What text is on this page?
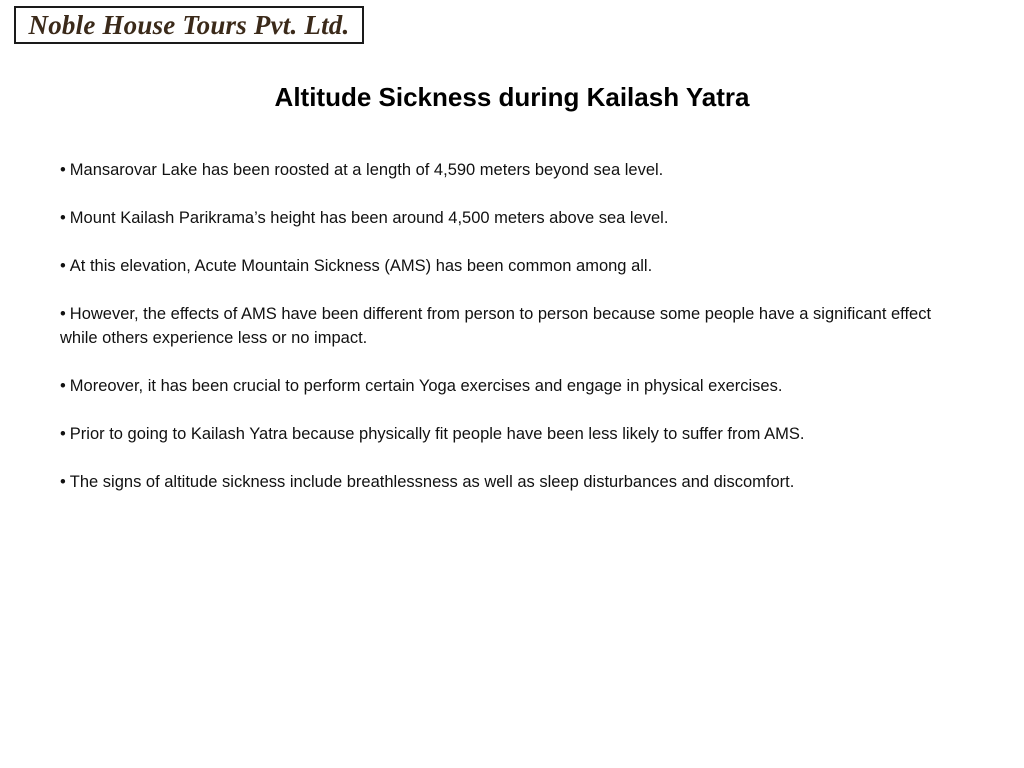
Noble House Tours Pvt. Ltd.
Altitude Sickness during Kailash Yatra
• Mansarovar Lake has been roosted at a length of 4,590 meters beyond sea level.
• Mount Kailash Parikrama’s height has been around 4,500 meters above sea level.
• At this elevation, Acute Mountain Sickness (AMS) has been common among all.
• However, the effects of AMS have been different from person to person because some people have a significant effect while others experience less or no impact.
• Moreover, it has been crucial to perform certain Yoga exercises and engage in physical exercises.
• Prior to going to Kailash Yatra because physically fit people have been less likely to suffer from AMS.
• The signs of altitude sickness include breathlessness as well as sleep disturbances and discomfort.
